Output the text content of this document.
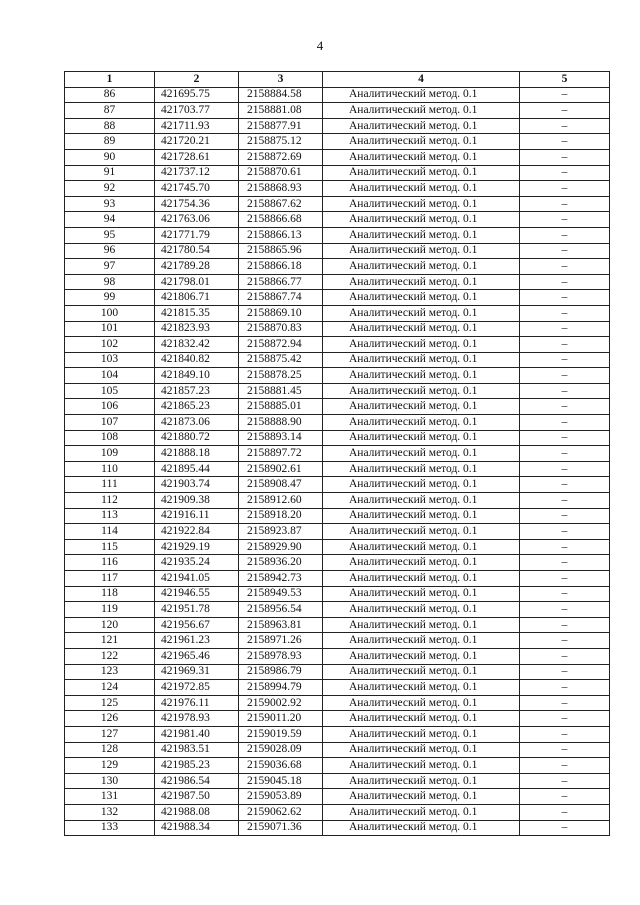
4
1	2	3	4	5
86	421695.75	2158884.58	Аналитический метод. 0.1	–
87	421703.77	2158881.08	Аналитический метод. 0.1	–
88	421711.93	2158877.91	Аналитический метод. 0.1	–
89	421720.21	2158875.12	Аналитический метод. 0.1	–
90	421728.61	2158872.69	Аналитический метод. 0.1	–
91	421737.12	2158870.61	Аналитический метод. 0.1	–
92	421745.70	2158868.93	Аналитический метод. 0.1	–
93	421754.36	2158867.62	Аналитический метод. 0.1	–
94	421763.06	2158866.68	Аналитический метод. 0.1	–
95	421771.79	2158866.13	Аналитический метод. 0.1	–
96	421780.54	2158865.96	Аналитический метод. 0.1	–
97	421789.28	2158866.18	Аналитический метод. 0.1	–
98	421798.01	2158866.77	Аналитический метод. 0.1	–
99	421806.71	2158867.74	Аналитический метод. 0.1	–
100	421815.35	2158869.10	Аналитический метод. 0.1	–
101	421823.93	2158870.83	Аналитический метод. 0.1	–
102	421832.42	2158872.94	Аналитический метод. 0.1	–
103	421840.82	2158875.42	Аналитический метод. 0.1	–
104	421849.10	2158878.25	Аналитический метод. 0.1	–
105	421857.23	2158881.45	Аналитический метод. 0.1	–
106	421865.23	2158885.01	Аналитический метод. 0.1	–
107	421873.06	2158888.90	Аналитический метод. 0.1	–
108	421880.72	2158893.14	Аналитический метод. 0.1	–
109	421888.18	2158897.72	Аналитический метод. 0.1	–
110	421895.44	2158902.61	Аналитический метод. 0.1	–
111	421903.74	2158908.47	Аналитический метод. 0.1	–
112	421909.38	2158912.60	Аналитический метод. 0.1	–
113	421916.11	2158918.20	Аналитический метод. 0.1	–
114	421922.84	2158923.87	Аналитический метод. 0.1	–
115	421929.19	2158929.90	Аналитический метод. 0.1	–
116	421935.24	2158936.20	Аналитический метод. 0.1	–
117	421941.05	2158942.73	Аналитический метод. 0.1	–
118	421946.55	2158949.53	Аналитический метод. 0.1	–
119	421951.78	2158956.54	Аналитический метод. 0.1	–
120	421956.67	2158963.81	Аналитический метод. 0.1	–
121	421961.23	2158971.26	Аналитический метод. 0.1	–
122	421965.46	2158978.93	Аналитический метод. 0.1	–
123	421969.31	2158986.79	Аналитический метод. 0.1	–
124	421972.85	2158994.79	Аналитический метод. 0.1	–
125	421976.11	2159002.92	Аналитический метод. 0.1	–
126	421978.93	2159011.20	Аналитический метод. 0.1	–
127	421981.40	2159019.59	Аналитический метод. 0.1	–
128	421983.51	2159028.09	Аналитический метод. 0.1	–
129	421985.23	2159036.68	Аналитический метод. 0.1	–
130	421986.54	2159045.18	Аналитический метод. 0.1	–
131	421987.50	2159053.89	Аналитический метод. 0.1	–
132	421988.08	2159062.62	Аналитический метод. 0.1	–
133	421988.34	2159071.36	Аналитический метод. 0.1	–
